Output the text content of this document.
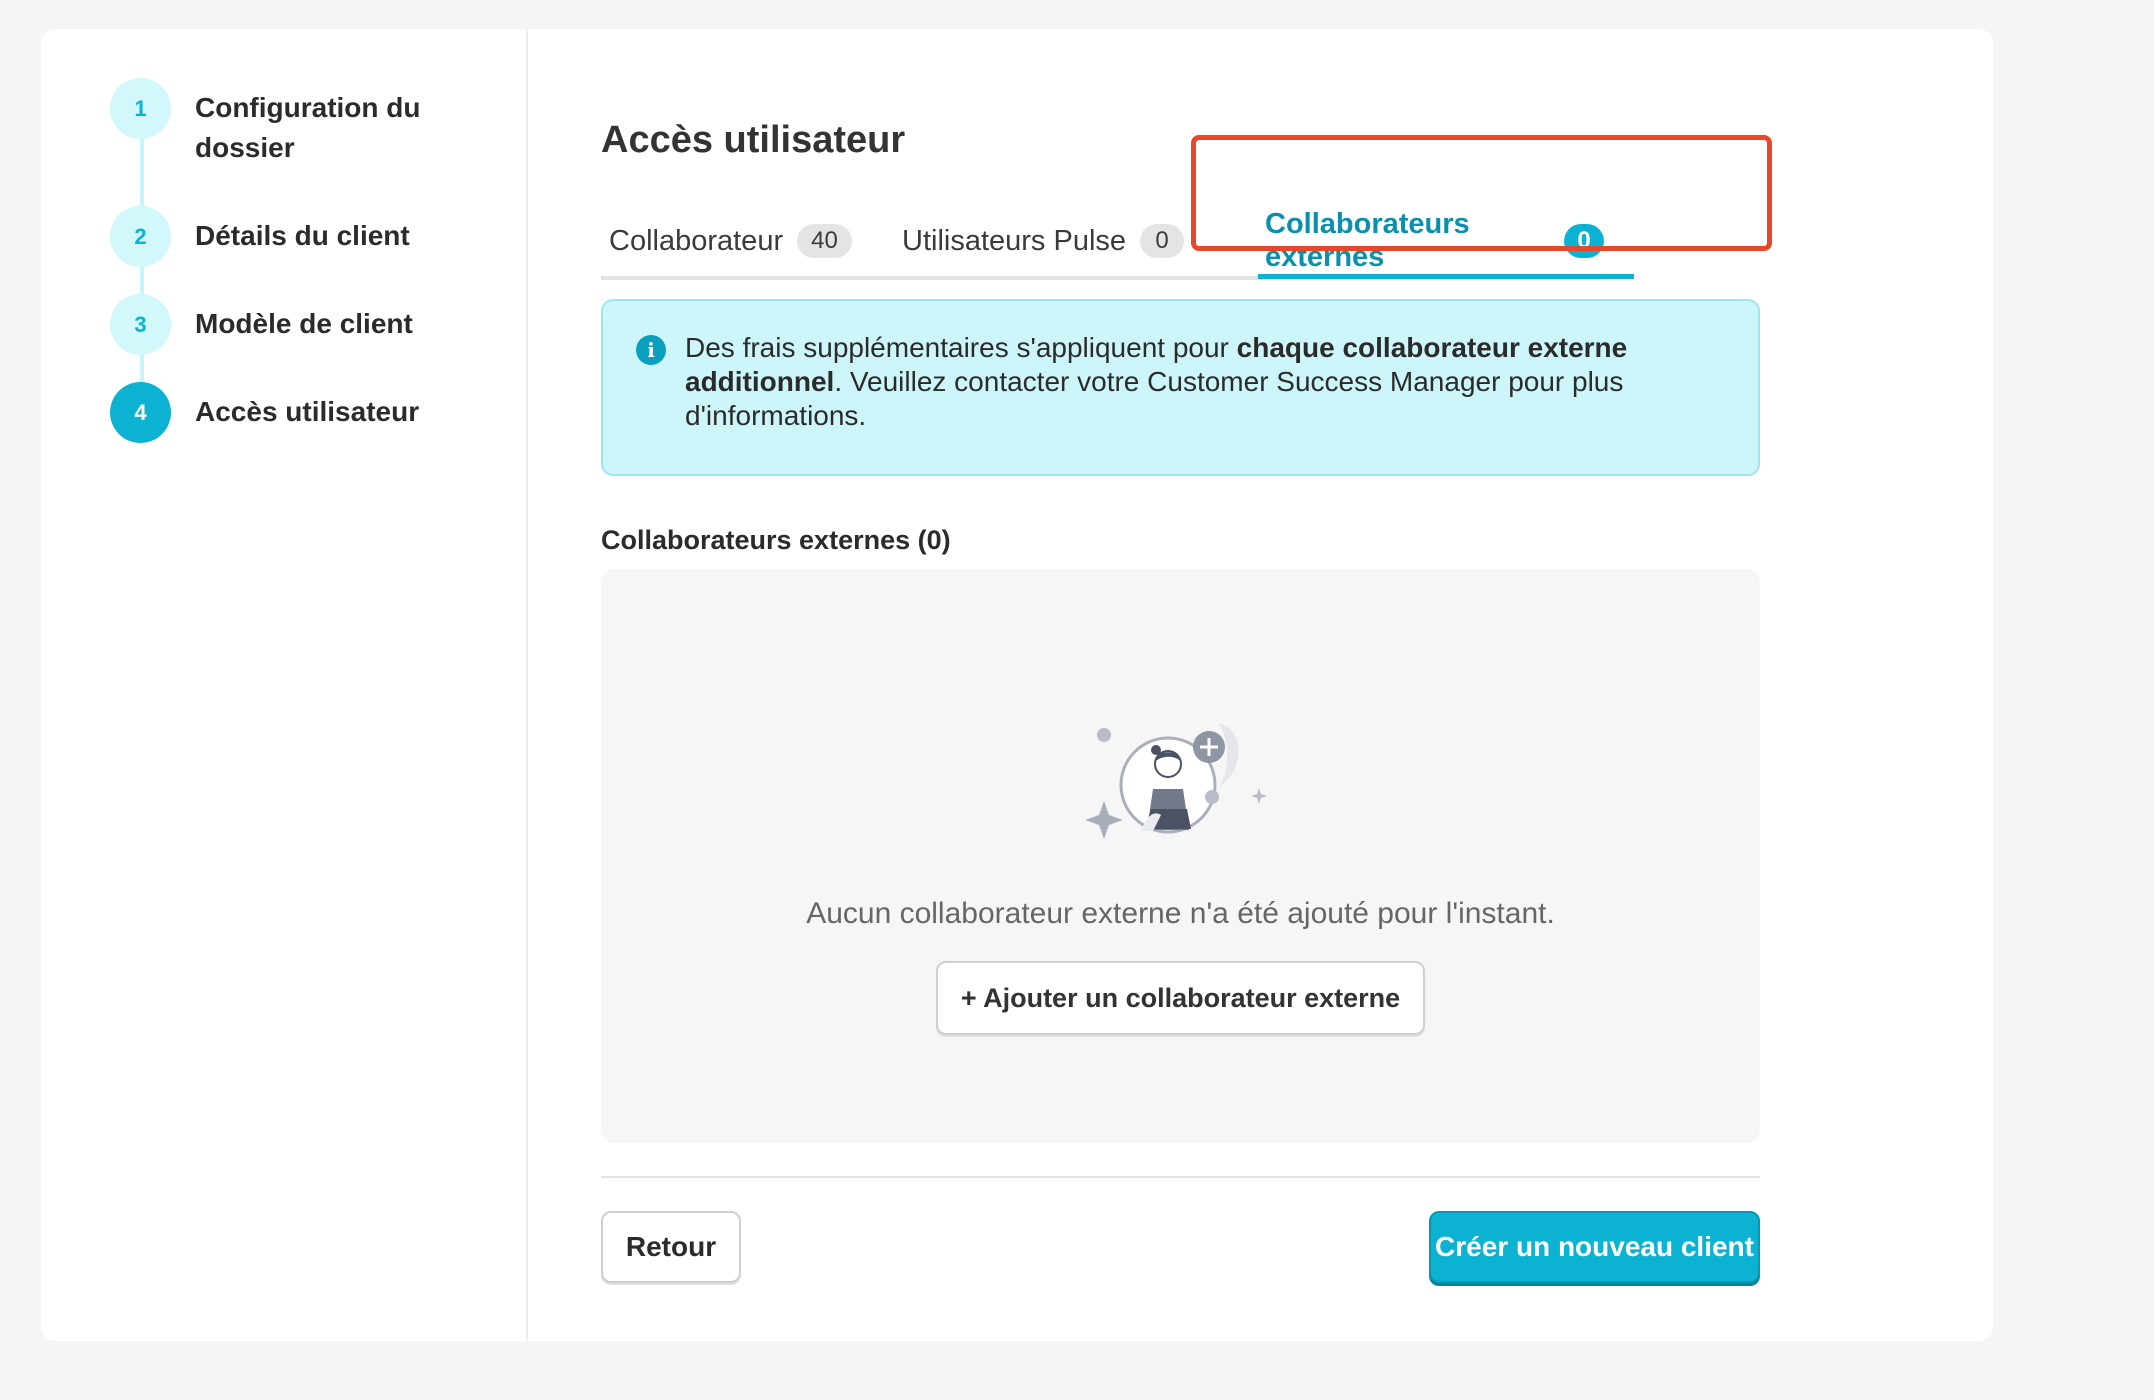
1	Configuration du dossier
2	Détails du client
3	Modèle de client
4	Accès utilisateur
Accès utilisateur
Collaborateur	40	Utilisateurs Pulse	0
Collaborateurs externes
0
i	Des frais supplémentaires s'appliquent pour chaque collaborateur externe additionnel. Veuillez contacter votre Customer Success Manager pour plus d'informations.
Collaborateurs externes (0)

Aucun collaborateur externe n'a été ajouté pour l'instant.

+ Ajouter un collaborateur externe
Retour	Créer un nouveau client
